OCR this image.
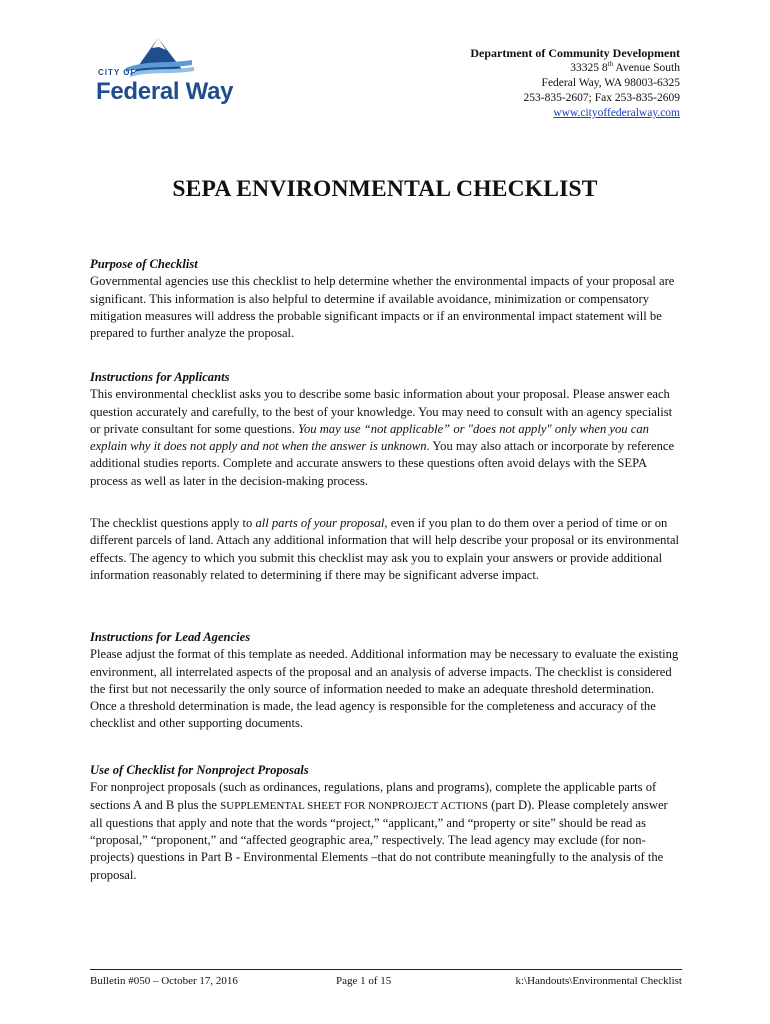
CITY OF
Federal Way
Department of Community Development
33325 8th Avenue South
Federal Way, WA 98003-6325
253-835-2607; Fax 253-835-2609
www.cityoffederalway.com
SEPA ENVIRONMENTAL CHECKLIST
Purpose of Checklist

Governmental agencies use this checklist to help determine whether the environmental impacts of your proposal are significant. This information is also helpful to determine if available avoidance, minimization or compensatory mitigation measures will address the probable significant impacts or if an environmental impact statement will be prepared to further analyze the proposal.

Instructions for Applicants

This environmental checklist asks you to describe some basic information about your proposal. Please answer each question accurately and carefully, to the best of your knowledge. You may need to consult with an agency specialist or private consultant for some questions. You may use “not applicable” or "does not apply" only when you can explain why it does not apply and not when the answer is unknown. You may also attach or incorporate by reference additional studies reports. Complete and accurate answers to these questions often avoid delays with the SEPA process as well as later in the decision-making process.

The checklist questions apply to all parts of your proposal, even if you plan to do them over a period of time or on different parcels of land. Attach any additional information that will help describe your proposal or its environmental effects. The agency to which you submit this checklist may ask you to explain your answers or provide additional information reasonably related to determining if there may be significant adverse impact.

Instructions for Lead Agencies

Please adjust the format of this template as needed. Additional information may be necessary to evaluate the existing environment, all interrelated aspects of the proposal and an analysis of adverse impacts. The checklist is considered the first but not necessarily the only source of information needed to make an adequate threshold determination. Once a threshold determination is made, the lead agency is responsible for the completeness and accuracy of the checklist and other supporting documents.

Use of Checklist for Nonproject Proposals

For nonproject proposals (such as ordinances, regulations, plans and programs), complete the applicable parts of sections A and B plus the SUPPLEMENTAL SHEET FOR NONPROJECT ACTIONS (part D). Please completely answer all questions that apply and note that the words “project,” “applicant,” and “property or site” should be read as “proposal,” “proponent,” and “affected geographic area,” respectively. The lead agency may exclude (for non-projects) questions in Part B - Environmental Elements –that do not contribute meaningfully to the analysis of the proposal.

Bulletin #050 – October 17, 2016	Page 1 of 15	k:\Handouts\Environmental Checklist
